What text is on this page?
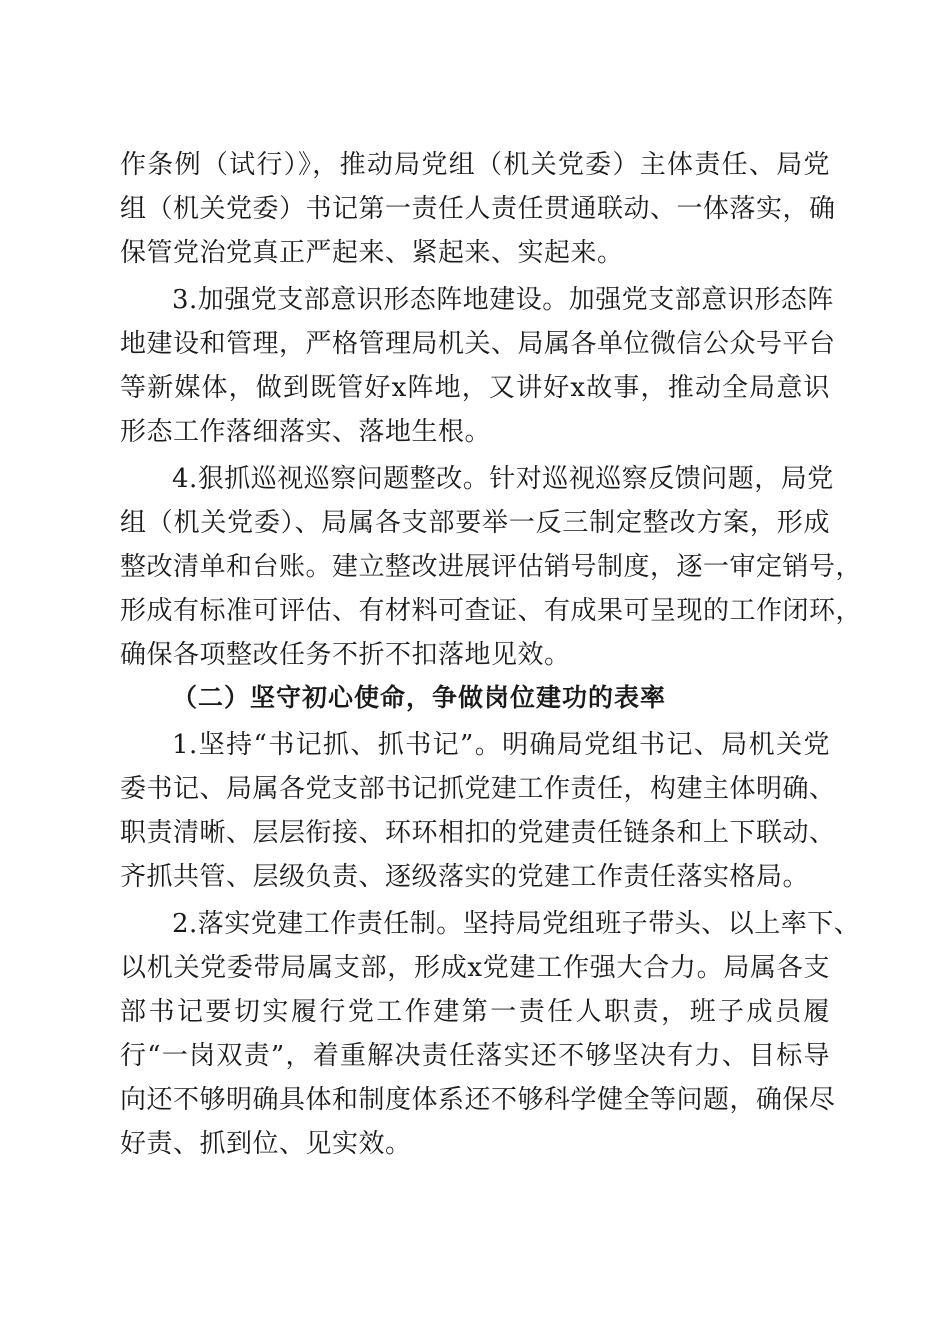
作条例（试行）》，推动局党组（机关党委）主体责任、局党
组（机关党委）书记第一责任人责任贯通联动、一体落实，确
保管党治党真正严起来、紧起来、实起来。
3.加强党支部意识形态阵地建设。加强党支部意识形态阵
地建设和管理，严格管理局机关、局属各单位微信公众号平台
等新媒体，做到既管好x阵地，又讲好x故事，推动全局意识
形态工作落细落实、落地生根。
4.狠抓巡视巡察问题整改。针对巡视巡察反馈问题，局党
组（机关党委）、局属各支部要举一反三制定整改方案，形成
整改清单和台账。建立整改进展评估销号制度，逐一审定销号，
形成有标准可评估、有材料可查证、有成果可呈现的工作闭环，
确保各项整改任务不折不扣落地见效。
（二）坚守初心使命，争做岗位建功的表率
1.坚持“书记抓、抓书记”。明确局党组书记、局机关党
委书记、局属各党支部书记抓党建工作责任，构建主体明确、
职责清晰、层层衔接、环环相扣的党建责任链条和上下联动、
齐抓共管、层级负责、逐级落实的党建工作责任落实格局。
2.落实党建工作责任制。坚持局党组班子带头、以上率下、
以机关党委带局属支部，形成x党建工作强大合力。局属各支
部书记要切实履行党工作建第一责任人职责，班子成员履
行“一岗双责”，着重解决责任落实还不够坚决有力、目标导
向还不够明确具体和制度体系还不够科学健全等问题，确保尽
好责、抓到位、见实效。
